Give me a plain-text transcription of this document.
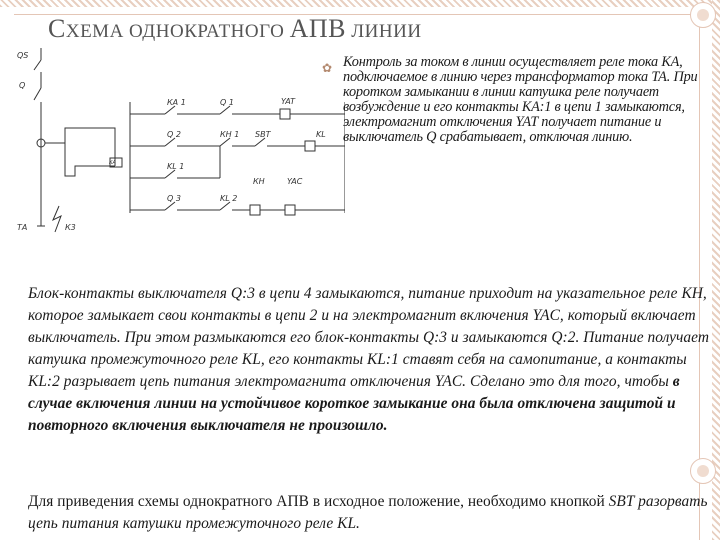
СХЕМА ОДНОКРАТНОГО АПВ ЛИНИИ
QS
Q
КА
КА 1	Q 1	YAT
Q 2	КН 1 SBT	KL
KL 1
Q 3	KL 2
КН	YAC
ТА	К3
✿ Контроль за током в линии осуществляет реле тока КА, подключаемое в линию через трансформатор тока ТА. При коротком замыкании в линии катушка реле получает возбуждение и его контакты КА:1 в цепи 1 замыкаются, электромагнит отключения YAT получает питание и выключатель Q срабатывает, отключая линию.
Блок-контакты выключателя Q:3 в цепи 4 замыкаются, питание приходит на указательное реле КН, которое замыкает свои контакты в цепи 2 и на электромагнит включения YAC, который включает выключатель. При этом размыкаются его блок-контакты Q:3 и замыкаются Q:2. Питание получает катушка промежуточного реле KL, его контакты KL:1 ставят себя на самопитание, а контакты KL:2 разрывает цепь питания электромагнита отключения YAC. Сделано это для того, чтобы в случае включения линии на устойчивое короткое замыкание она была отключена защитой и повторного включения выключателя не произошло.
Для приведения схемы однократного АПВ в исходное положение, необходимо кнопкой SBT разорвать цепь питания катушки промежуточного реле KL.
